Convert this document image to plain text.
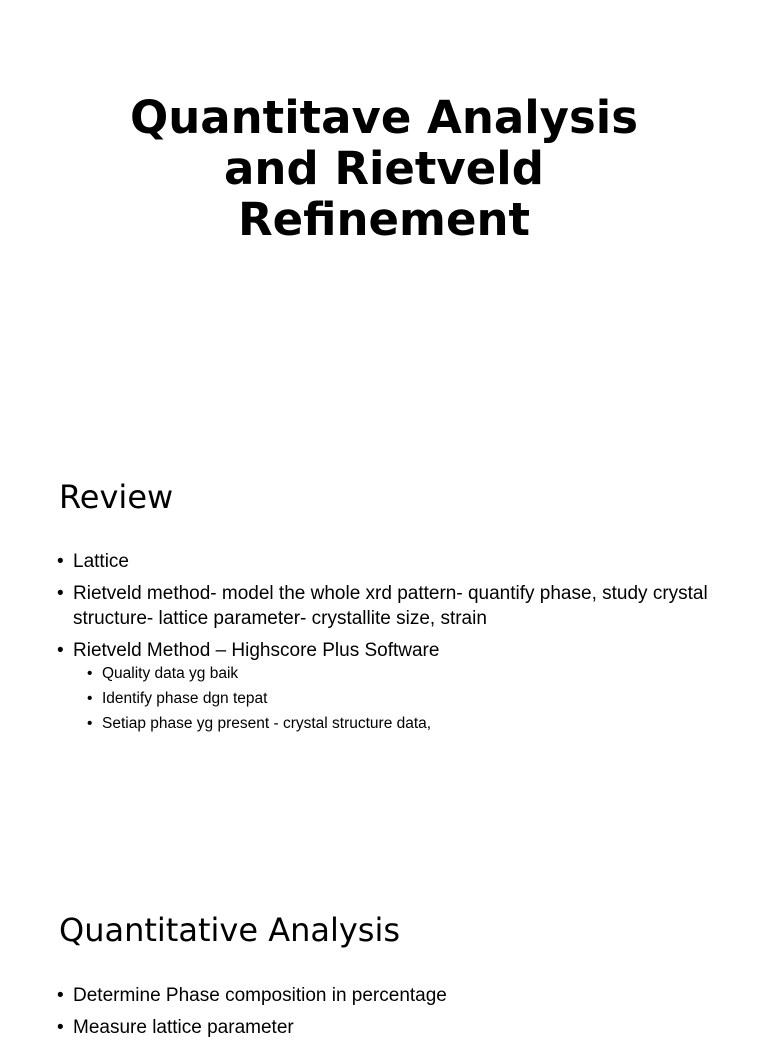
Quantitave Analysis
and Rietveld
Refinement
Review
• Lattice
• Rietveld method- model the whole xrd pattern- quantify phase, study crystal structure- lattice parameter- crystallite size, strain
• Rietveld Method – Highscore Plus Software
• Quality data yg baik
• Identify phase dgn tepat
• Setiap phase yg present - crystal structure data,
Quantitative Analysis
• Determine Phase composition in percentage
• Measure lattice parameter
